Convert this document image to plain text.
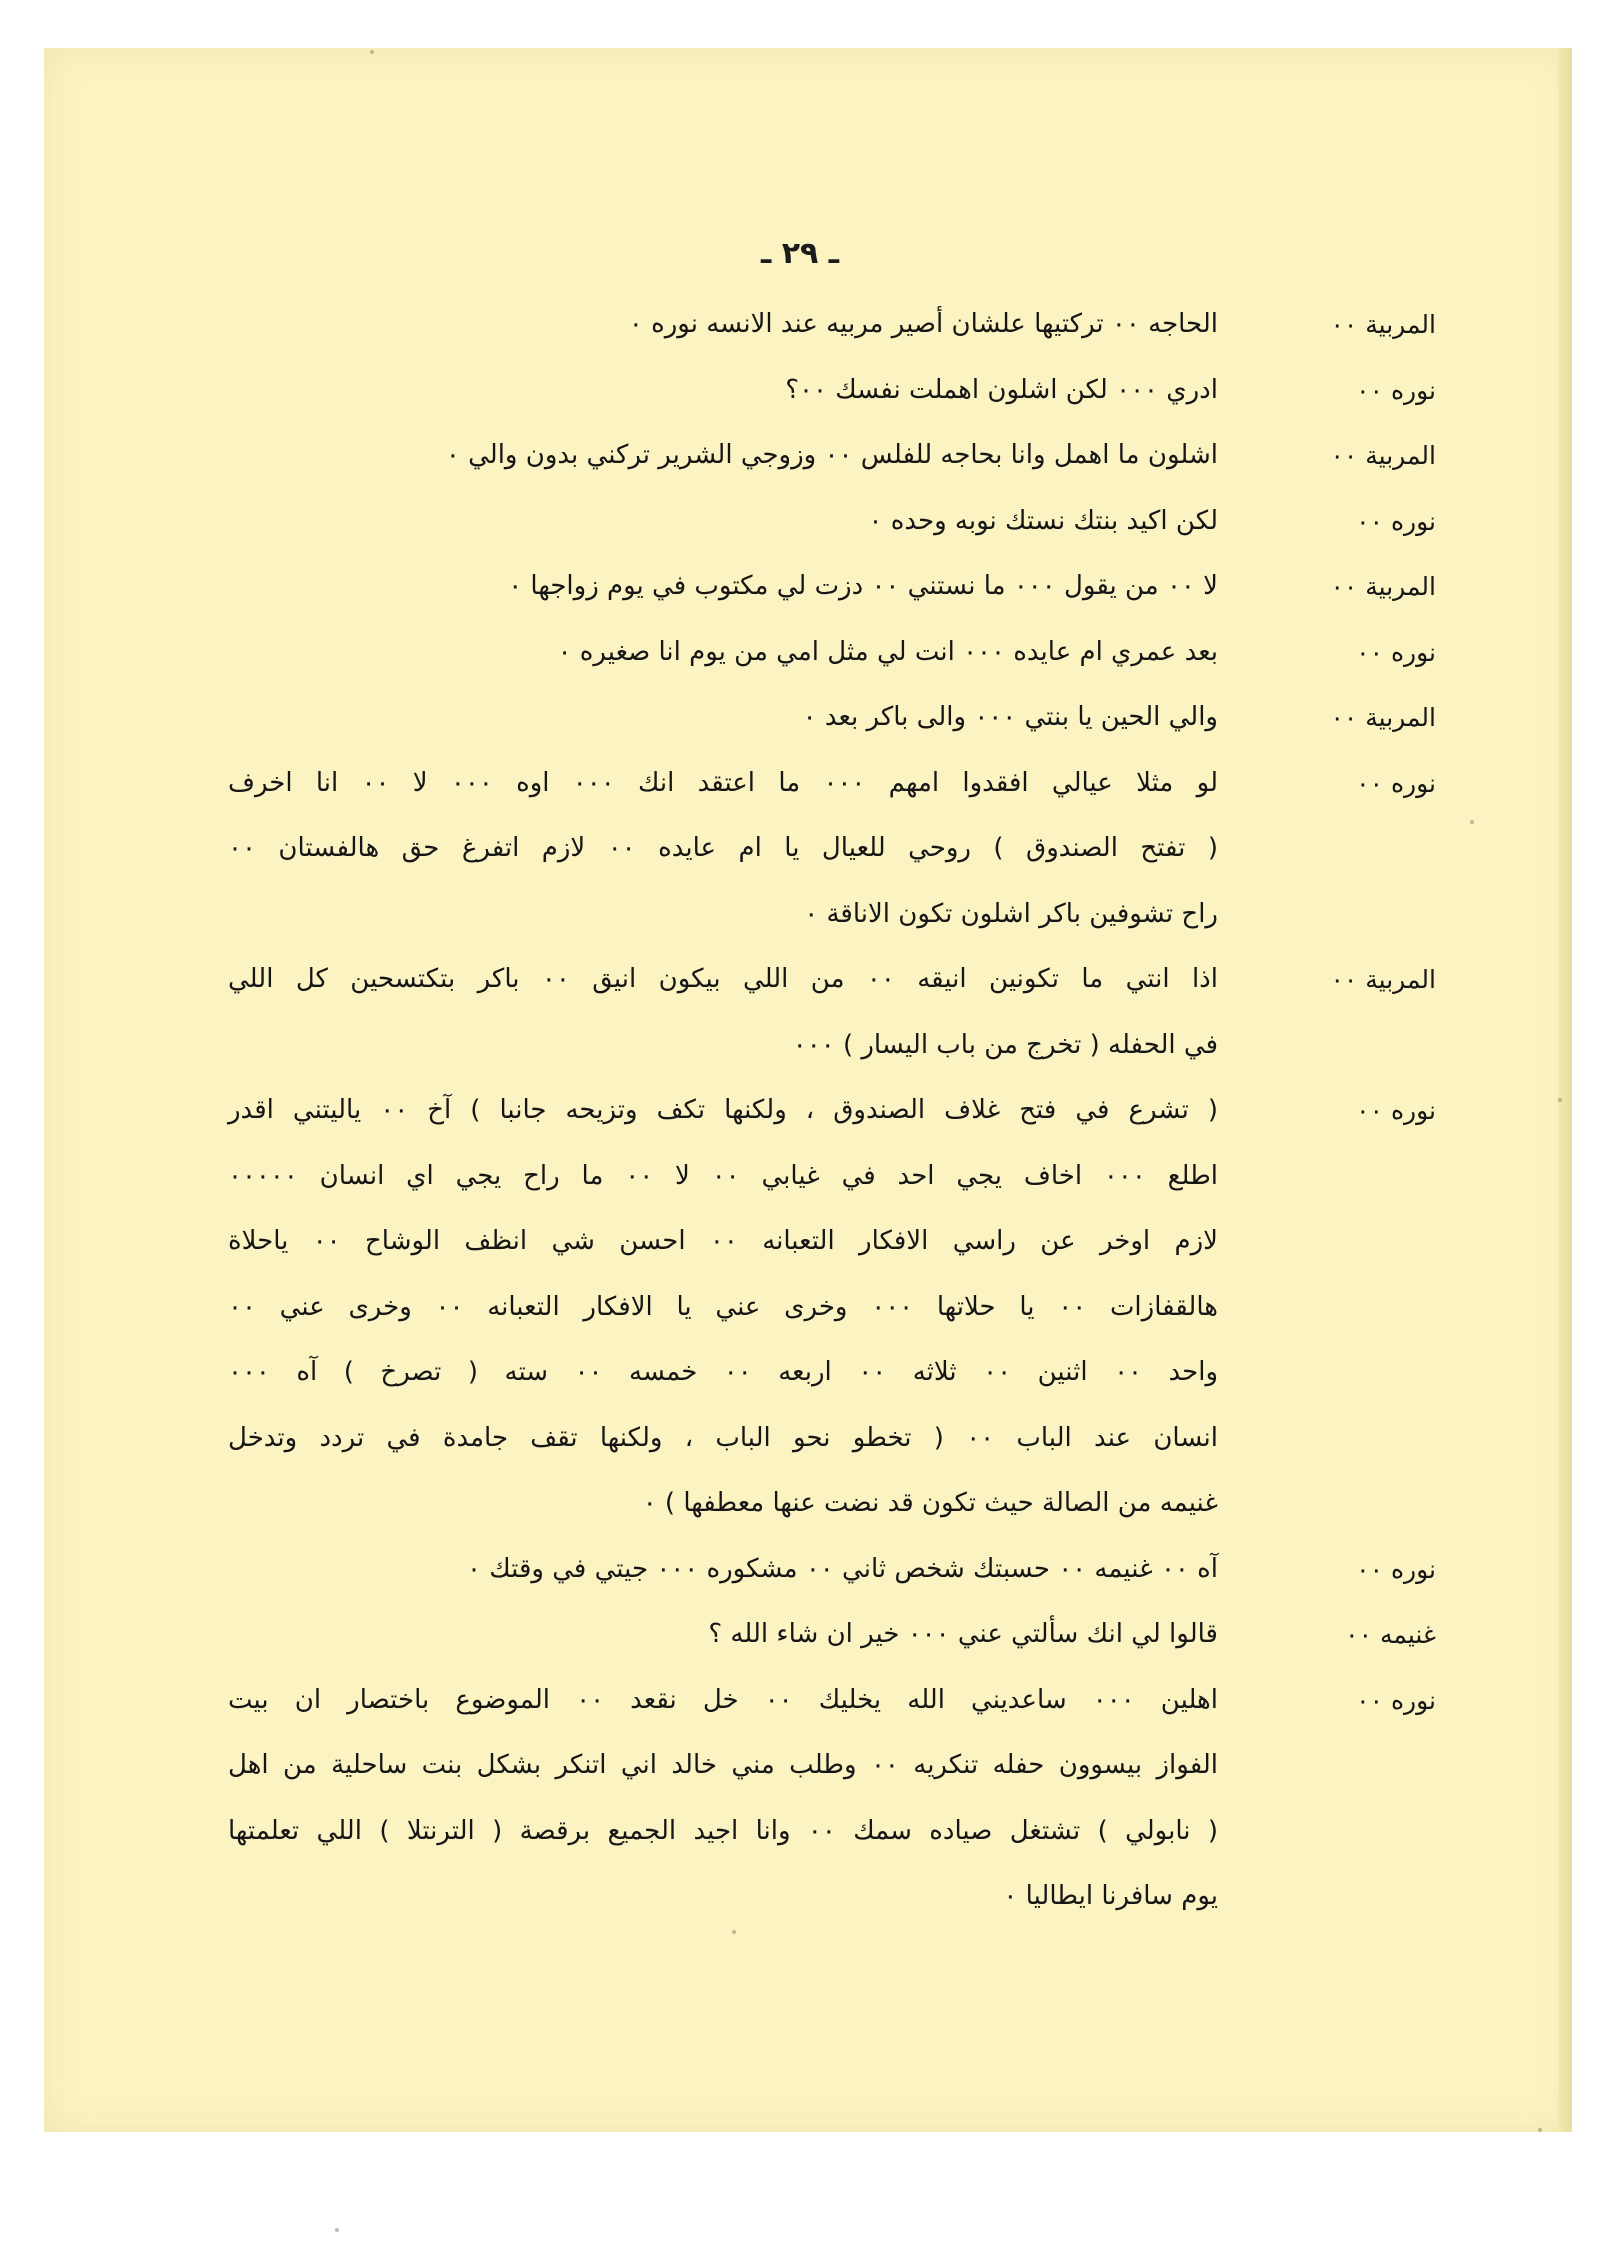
ـ ٢٩ ـ
المربية ٠٠
الحاجه ٠٠ تركتيها علشان أصير مربيه عند الانسه نوره ٠
نوره ٠٠
ادري ٠٠٠ لكن اشلون اهملت نفسك ٠٠؟
المربية ٠٠
اشلون ما اهمل وانا بحاجه للفلس ٠٠ وزوجي الشرير تركني بدون والي ٠
نوره ٠٠
لكن اكيد بنتك نستك نوبه وحده ٠
المربية ٠٠
لا ٠٠ من يقول ٠٠٠ ما نستني ٠٠ دزت لي مكتوب في يوم زواجها ٠
نوره ٠٠
بعد عمري ام عايده ٠٠٠ انت لي مثل امي من يوم انا صغيره ٠
المربية ٠٠
والي الحين يا بنتي ٠٠٠ والى باكر بعد ٠
نوره ٠٠
لو مثلا عيالي افقدوا امهم ٠٠٠ ما اعتقد انك ٠٠٠ اوه ٠٠٠ لا ٠٠ انا اخرف
( تفتح الصندوق ) روحي للعيال يا ام عايده ٠٠ لازم اتفرغ حق هالفستان ٠٠
راح تشوفين باكر اشلون تكون الاناقة ٠
المربية ٠٠
اذا انتي ما تكونين انيقه ٠٠ من اللي بيكون انيق ٠٠ باكر بتكتسحين كل اللي
في الحفله ( تخرج من باب اليسار ) ٠٠٠
نوره ٠٠
( تشرع في فتح غلاف الصندوق ، ولكنها تكف وتزيحه جانبا ) آخ ٠٠ ياليتني اقدر
اطلع ٠٠٠ اخاف يجي احد في غيابي ٠٠ لا ٠٠ ما راح يجي اي انسان ٠٠٠٠٠
لازم اوخر عن راسي الافكار التعبانه ٠٠ احسن شي انظف الوشاح ٠٠ ياحلاة
هالقفازات ٠٠ يا حلاتها ٠٠٠ وخرى عني يا الافكار التعبانه ٠٠ وخرى عني ٠٠
واحد ٠٠ اثنين ٠٠ ثلاثه ٠٠ اربعه ٠٠ خمسه ٠٠ سته ( تصرخ ) آه ٠٠٠
انسان عند الباب ٠٠ ( تخطو نحو الباب ، ولكنها تقف جامدة في تردد وتدخل
غنيمه من الصالة حيث تكون قد نضت عنها معطفها ) ٠
نوره ٠٠
آه ٠٠ غنيمه ٠٠ حسبتك شخص ثاني ٠٠ مشكوره ٠٠٠ جيتي في وقتك ٠
غنيمه ٠٠
قالوا لي انك سألتي عني ٠٠٠ خير ان شاء الله ؟
نوره ٠٠
اهلين ٠٠٠ ساعديني الله يخليك ٠٠ خل نقعد ٠٠ الموضوع باختصار ان بيت
الفواز بيسوون حفله تنكريه ٠٠ وطلب مني خالد اني اتنكر بشكل بنت ساحلية من اهل
( نابولي ) تشتغل صياده سمك ٠٠ وانا اجيد الجميع برقصة ( الترنتلا ) اللي تعلمتها
يوم سافرنا ايطاليا ٠
